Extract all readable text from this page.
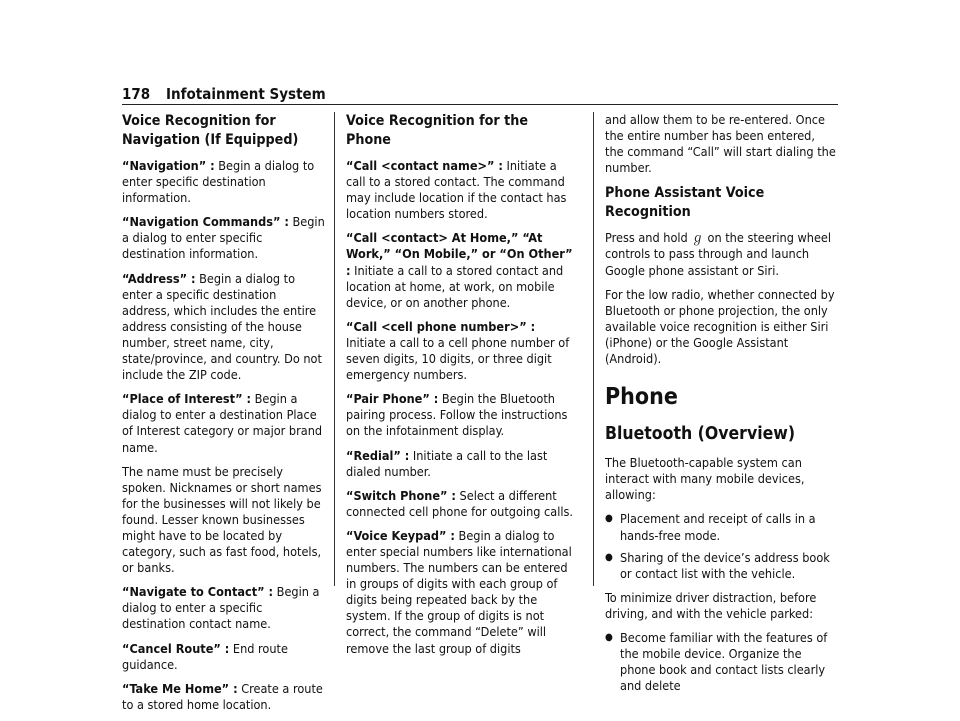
178 Infotainment System
Voice Recognition for Navigation (If Equipped)

“Navigation” : Begin a dialog to enter specific destination information.

“Navigation Commands” : Begin a dialog to enter specific destination information.

“Address” : Begin a dialog to enter a specific destination address, which includes the entire address consisting of the house number, street name, city, state/province, and country. Do not include the ZIP code.

“Place of Interest” : Begin a dialog to enter a destination Place of Interest category or major brand name.

The name must be precisely spoken. Nicknames or short names for the businesses will not likely be found. Lesser known businesses might have to be located by category, such as fast food, hotels, or banks.

“Navigate to Contact” : Begin a dialog to enter a specific destination contact name.

“Cancel Route” : End route guidance.

“Take Me Home” : Create a route to a stored home location.

Voice Recognition for the Phone

“Call <contact name>” : Initiate a call to a stored contact. The command may include location if the contact has location numbers stored.

“Call <contact> At Home,” “At Work,” “On Mobile,” or “On Other” : Initiate a call to a stored contact and location at home, at work, on mobile device, or on another phone.

“Call <cell phone number>” : Initiate a call to a cell phone number of seven digits, 10 digits, or three digit emergency numbers.

“Pair Phone” : Begin the Bluetooth pairing process. Follow the instructions on the infotainment display.

“Redial” : Initiate a call to the last dialed number.

“Switch Phone” : Select a different connected cell phone for outgoing calls.

“Voice Keypad” : Begin a dialog to enter special numbers like international numbers. The numbers can be entered in groups of digits with each group of digits being repeated back by the system. If the group of digits is not correct, the command “Delete” will remove the last group of digits

and allow them to be re-entered. Once the entire number has been entered, the command “Call” will start dialing the number.

Phone Assistant Voice Recognition

Press and hold ℊ on the steering wheel controls to pass through and launch Google phone assistant or Siri.

For the low radio, whether connected by Bluetooth or phone projection, the only available voice recognition is either Siri (iPhone) or the Google Assistant (Android).

Phone
Bluetooth (Overview)

The Bluetooth-capable system can interact with many mobile devices, allowing:

● Placement and receipt of calls in a hands-free mode.
● Sharing of the device’s address book or contact list with the vehicle.

To minimize driver distraction, before driving, and with the vehicle parked:

● Become familiar with the features of the mobile device. Organize the phone book and contact lists clearly and delete
